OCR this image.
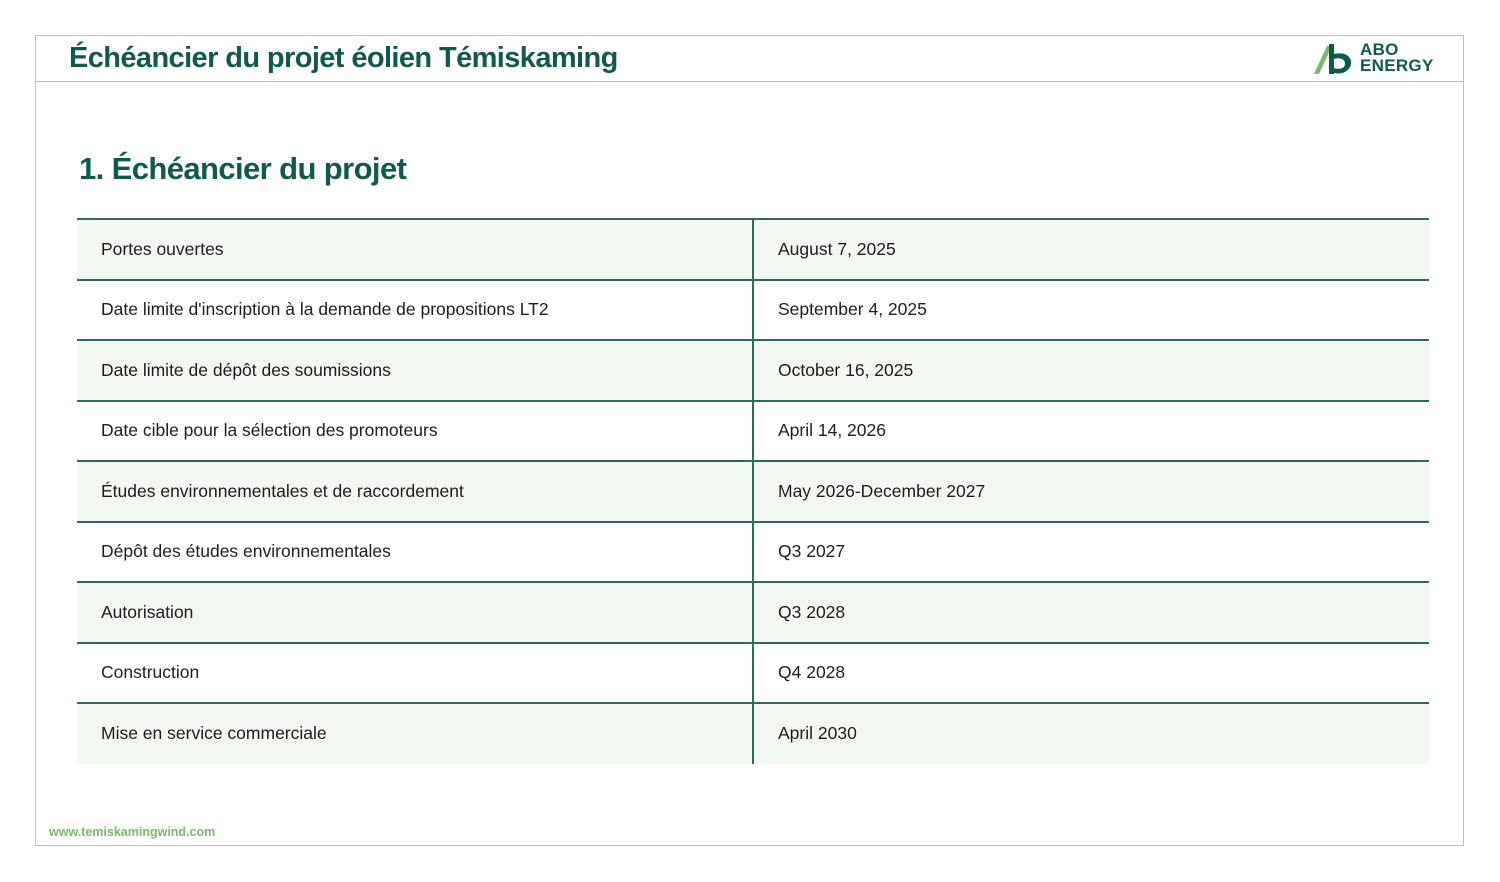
Échéancier du projet éolien Témiskaming	ABO
ENERGY
1. Échéancier du projet
Portes ouvertes	August 7, 2025
Date limite d'inscription à la demande de propositions LT2	September 4, 2025
Date limite de dépôt des soumissions	October 16, 2025
Date cible pour la sélection des promoteurs	April 14, 2026
Études environnementales et de raccordement	May 2026-December 2027
Dépôt des études environnementales	Q3 2027
Autorisation	Q3 2028
Construction	Q4 2028
Mise en service commerciale	April 2030
www.temiskamingwind.com
